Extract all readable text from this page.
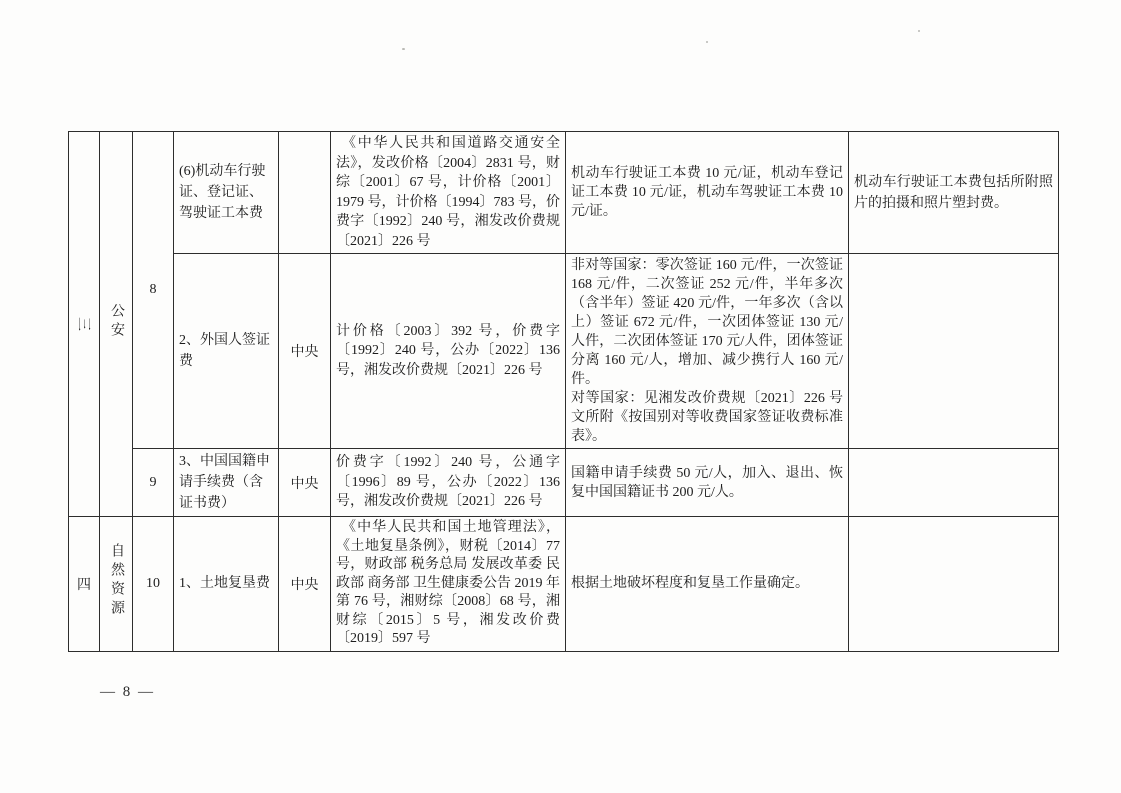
三	公安	8	(6)机动车行驶证、登记证、驾驶证工本费		《中华人民共和国道路交通安全法》，发改价格〔2004〕2831 号，财综〔2001〕67 号，计价格〔2001〕1979 号，计价格〔1994〕783 号，价费字〔1992〕240 号，湘发改价费规〔2021〕226 号	机动车行驶证工本费 10 元/证，机动车登记证工本费 10 元/证，机动车驾驶证工本费 10 元/证。	机动车行驶证工本费包括所附照片的拍摄和照片塑封费。
			2、外国人签证费	中央	计价格〔2003〕392 号，价费字〔1992〕240 号，公办〔2022〕136 号，湘发改价费规〔2021〕226 号	非对等国家：零次签证 160 元/件，一次签证 168 元/件，二次签证 252 元/件，半年多次（含半年）签证 420 元/件，一年多次（含以上）签证 672 元/件，一次团体签证 130 元/人件，二次团体签证 170 元/人件，团体签证分离 160 元/人，增加、减少携行人 160 元/件。

对等国家：见湘发改价费规〔2021〕226 号文所附《按国别对等收费国家签证收费标准表》。	

		9	3、中国国籍申请手续费（含证书费）	中央	价费字〔1992〕240 号，公通字〔1996〕89 号，公办〔2022〕136 号，湘发改价费规〔2021〕226 号	国籍申请手续费 50 元/人，加入、退出、恢复中国国籍证书 200 元/人。	
四	自然资源	10	1、土地复垦费	中央	《中华人民共和国土地管理法》，《土地复垦条例》，财税〔2014〕77 号，财政部 税务总局 发展改革委 民政部 商务部 卫生健康委公告 2019 年第 76 号，湘财综〔2008〕68 号，湘财综〔2015〕5 号，湘发改价费〔2019〕597 号	根据土地破坏程度和复垦工作量确定。	
— 8 —
